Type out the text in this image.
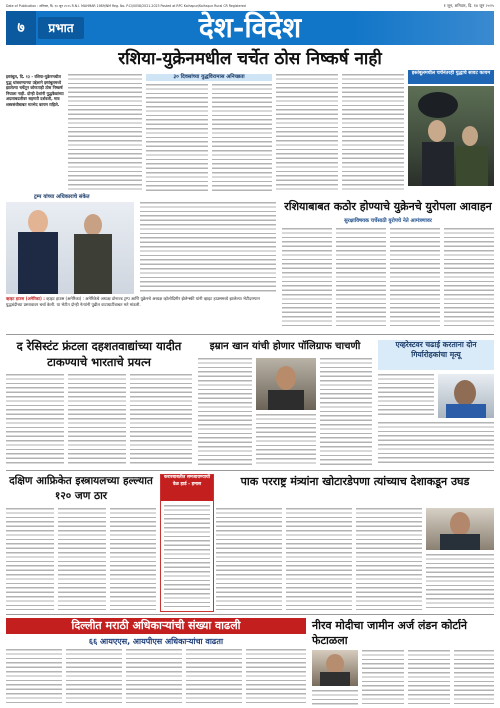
Date of Publication : शनिवार, दि. १४ जून २०२५ R.N.I. MAHMAR 1989/NM Reg. No. P.Cl/0058/2021-2023 Posted at RPC Kolhapur/Kolhapur Rural CR Registered	१ जून, शनिवार, दि. १४ जून २०२५
७	प्रभात	देश-विदेश
रशिया-युक्रेनमधील चर्चेत ठोस निष्कर्ष नाही
इस्तंबूल, दि. १३ - रशिया-युक्रेनमधील युद्ध थांबवण्याच्या उद्देशाने इस्तंबूलमध्ये झालेल्या चर्चेतून कोणताही ठोस निष्कर्ष निघाला नाही. दोन्ही देशांनी युद्धकैद्यांच्या अदलाबदलीवर सहमती दर्शवली, मात्र शस्त्रसंधीबाबत मतभेद कायम राहिले.
३० दिवसांच्या युद्धविरामास अनिच्छता
इस्तंबूलमधील चर्चेनंतरही युद्धाचे सावट कायम
ट्रम्प यांच्या अधिकाराचे संकेत
व्हाइट हाउस (अमेरिका) : व्हाइट हाउस (अमेरिका) : अमेरिकेचे अध्यक्ष डोनाल्ड ट्रम्प आणि युक्रेनचे अध्यक्ष व्होलोदिमीर झेलेन्स्की यांनी व्हाइट हाउसमध्ये झालेल्या भेटीदरम्यान युद्धबंदीच्या प्रस्तावावर चर्चा केली. या भेटीत दोन्ही नेत्यांनी पुढील वाटाघाटींबाबत मते मांडली.
रशियाबाबत कठोर होण्याचे युक्रेनचे युरोपला आवाहन
सुरक्षाविषयक चर्चेसाठी युरोपचे नेते आमंत्रणावर
द रेसिस्टंट फ्रंटला दहशतवाद्यांच्या यादीत टाकण्याचे भारताचे प्रयत्न
इम्रान खान यांची होणार पॉलिग्राफ चाचणी	एव्हरेस्टवर चढाई करताना दोन गिर्यारोहकांचा मृत्यू
दक्षिण आफ्रिकेत इस्त्रायलच्या हल्ल्यात १२० जण ठार
करारबाबतीत समजावण्याची वेळ हार्ड - हमास	पाक परराष्ट्र मंत्र्यांना खोटारडेपणा त्यांच्याच देशाकडून उघड
दिल्लीत मराठी अधिकाऱ्यांची संख्या वाढली
६६ आयएएस, आयपीएस अधिकाऱ्यांचा वाढता
नीरव मोदीचा जामीन अर्ज लंडन कोर्टाने फेटाळला
